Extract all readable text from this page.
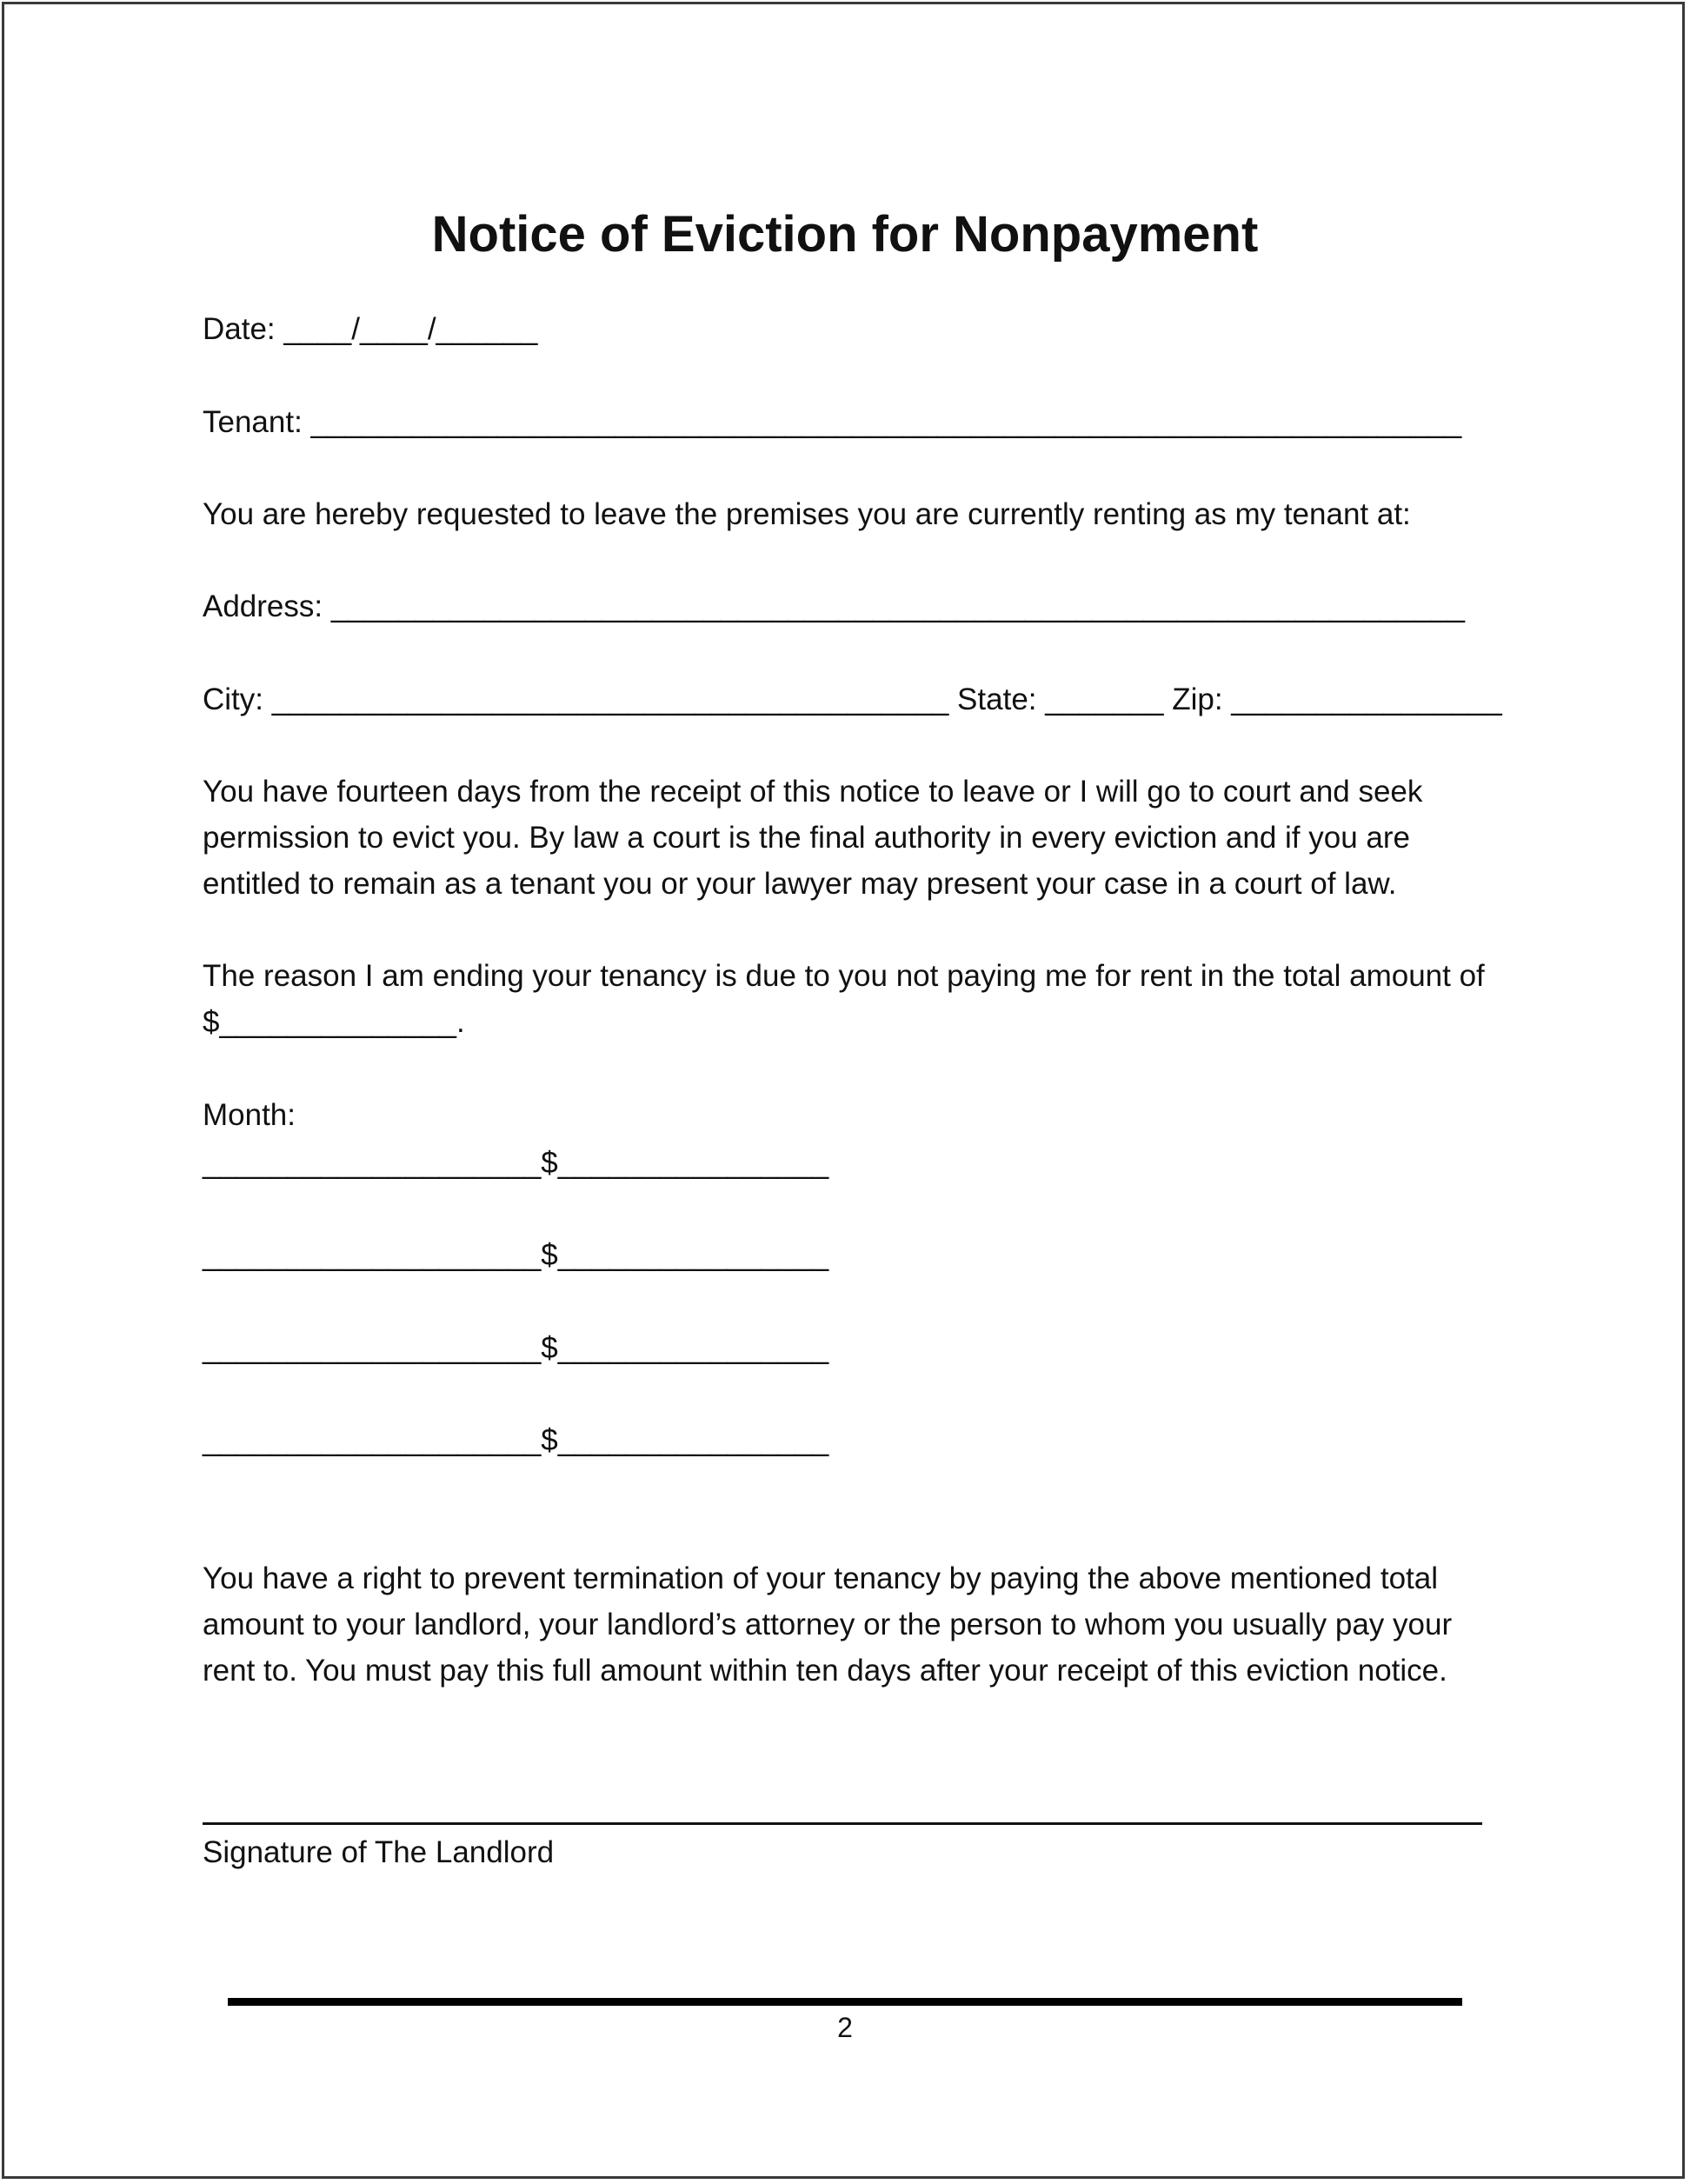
Notice of Eviction for Nonpayment
Date: ____/____/______
Tenant: ____________________________________________________________________
You are hereby requested to leave the premises you are currently renting as my tenant at:
Address: ___________________________________________________________________
City: ________________________________________ State: _______ Zip: ________________
You have fourteen days from the receipt of this notice to leave or I will go to court and seek permission to evict you. By law a court is the final authority in every eviction and if you are entitled to remain as a tenant you or your lawyer may present your case in a court of law.
The reason I am ending your tenancy is due to you not paying me for rent in the total amount of $______________.
Month:
____________________$________________
____________________$________________
____________________$________________
____________________$________________
You have a right to prevent termination of your tenancy by paying the above mentioned total amount to your landlord, your landlord’s attorney or the person to whom you usually pay your rent to. You must pay this full amount within ten days after your receipt of this eviction notice.
Signature of The Landlord
2
